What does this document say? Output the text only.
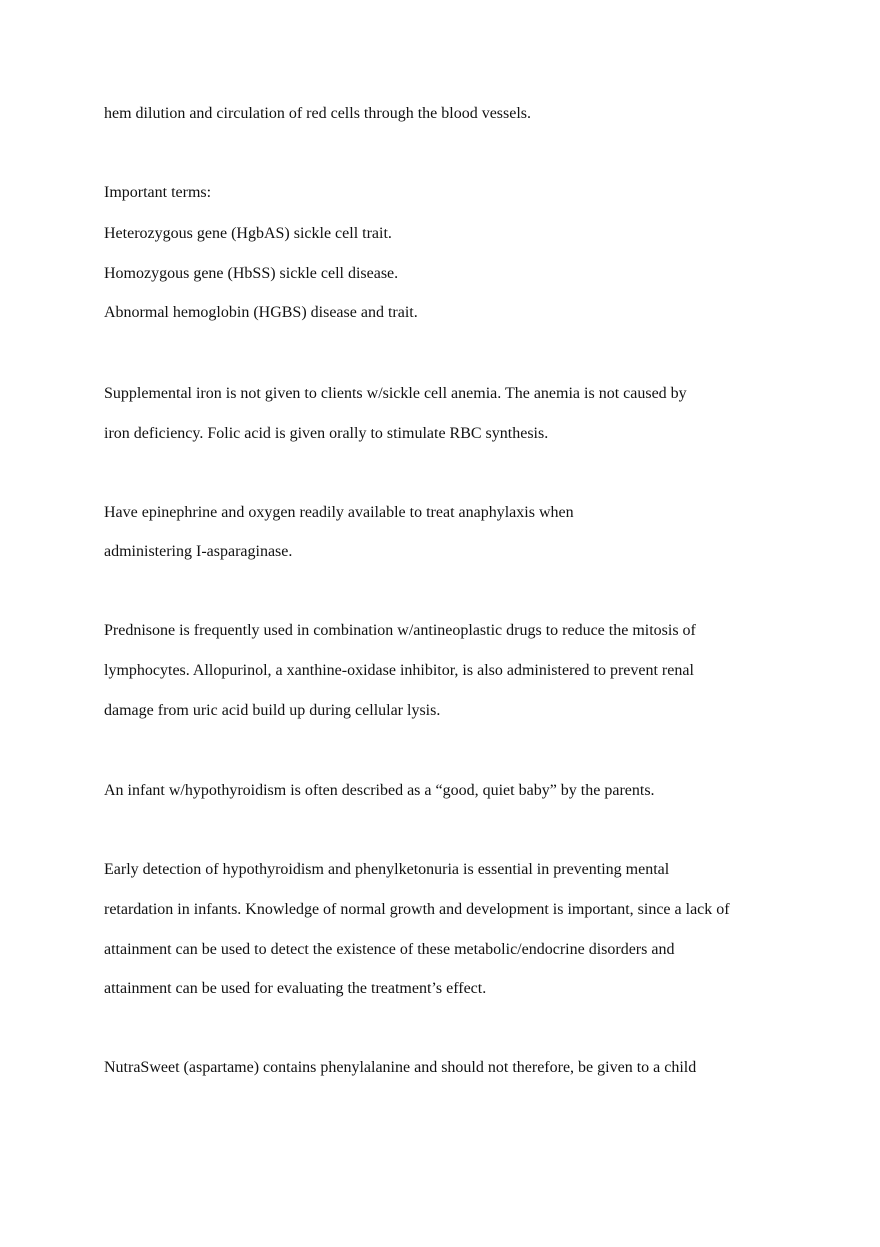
hem dilution and circulation of red cells through the blood vessels.

Important terms:

Heterozygous gene (HgbAS) sickle cell trait.

Homozygous gene (HbSS) sickle cell disease.

Abnormal hemoglobin (HGBS) disease and trait.

Supplemental iron is not given to clients w/sickle cell anemia. The anemia is not caused by

iron deficiency. Folic acid is given orally to stimulate RBC synthesis.

Have epinephrine and oxygen readily available to treat anaphylaxis when

administering I-asparaginase.

Prednisone is frequently used in combination w/antineoplastic drugs to reduce the mitosis of

lymphocytes. Allopurinol, a xanthine-oxidase inhibitor, is also administered to prevent renal

damage from uric acid build up during cellular lysis.

An infant w/hypothyroidism is often described as a “good, quiet baby” by the parents.

Early detection of hypothyroidism and phenylketonuria is essential in preventing mental

retardation in infants. Knowledge of normal growth and development is important, since a lack of

attainment can be used to detect the existence of these metabolic/endocrine disorders and

attainment can be used for evaluating the treatment’s effect.

NutraSweet (aspartame) contains phenylalanine and should not therefore, be given to a child
